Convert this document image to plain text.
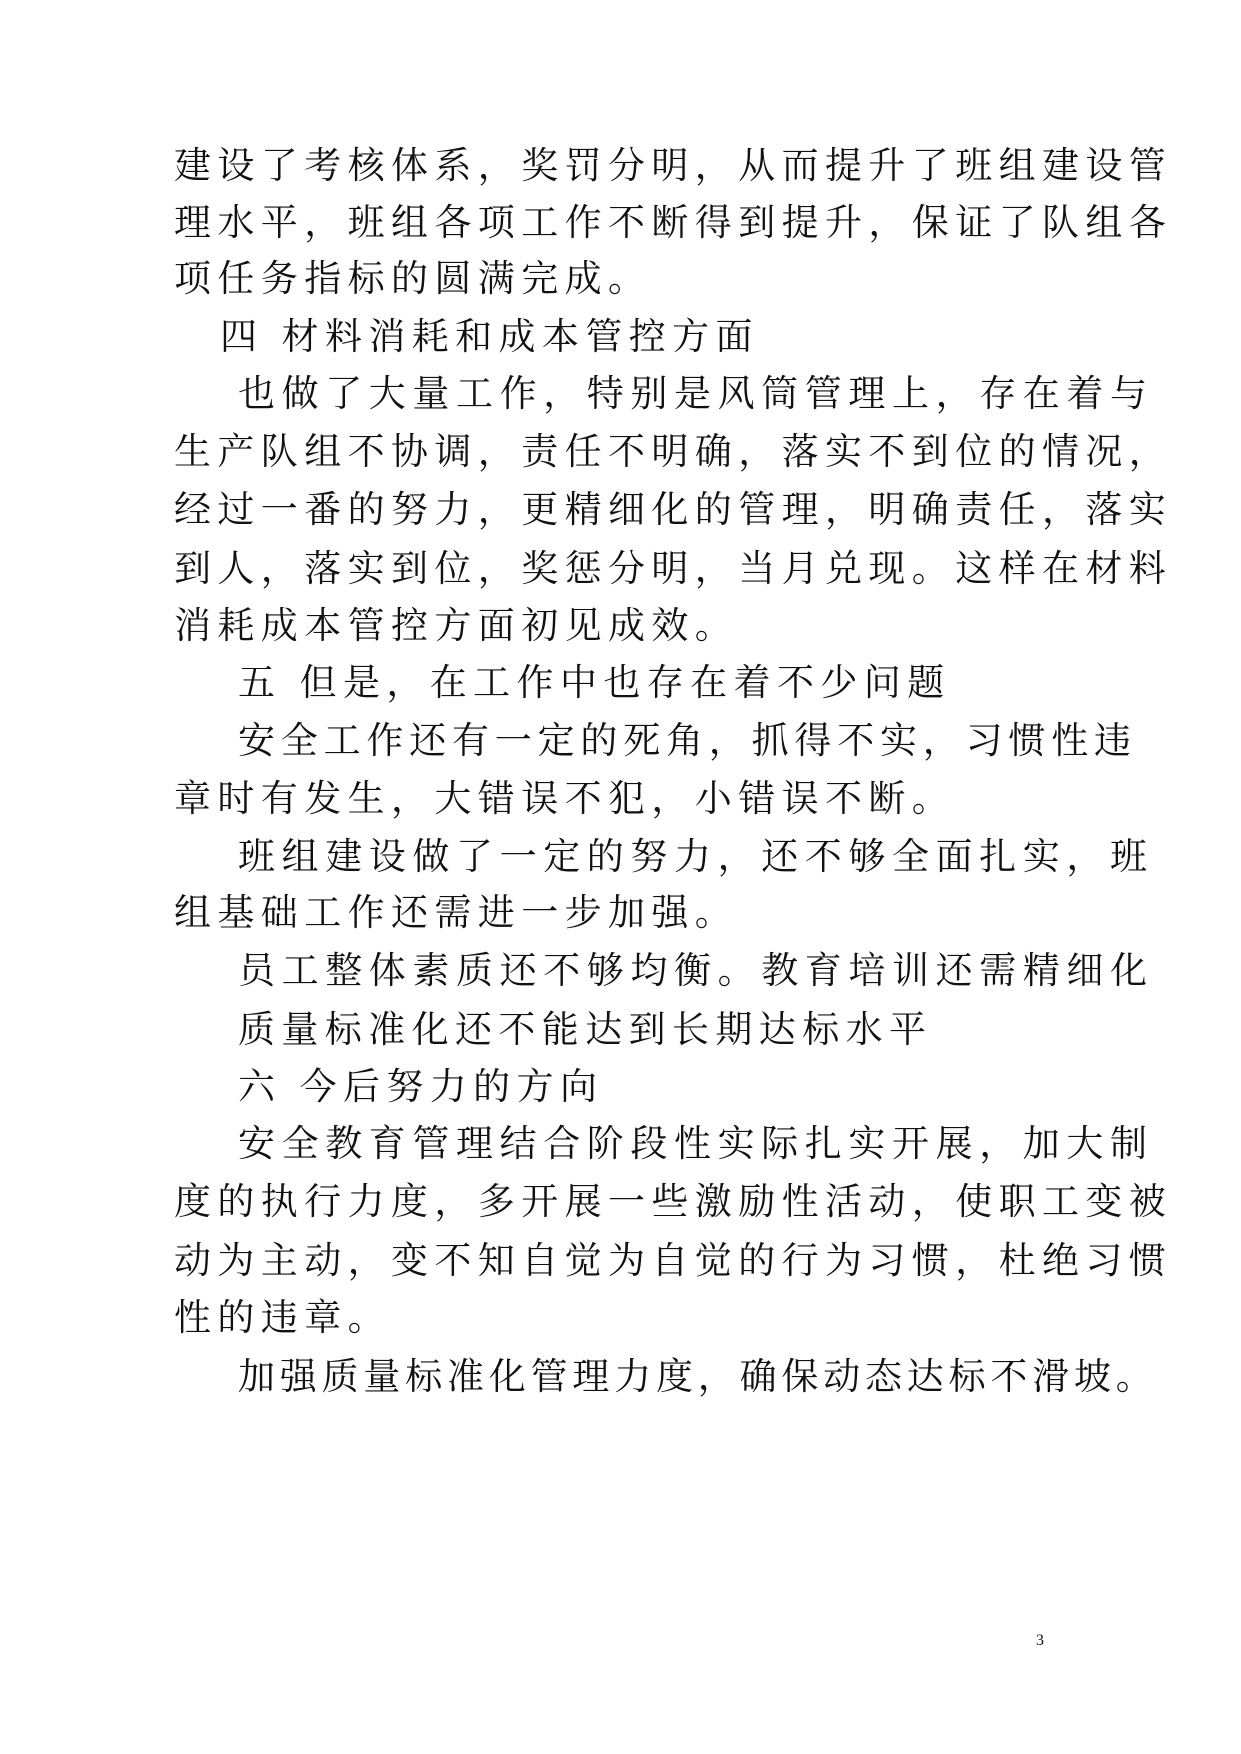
建设了考核体系，奖罚分明，从而提升了班组建设管
理水平，班组各项工作不断得到提升，保证了队组各
项任务指标的圆满完成。
四 材料消耗和成本管控方面
也做了大量工作，特别是风筒管理上，存在着与
生产队组不协调，责任不明确，落实不到位的情况，
经过一番的努力，更精细化的管理，明确责任，落实
到人，落实到位，奖惩分明，当月兑现。这样在材料
消耗成本管控方面初见成效。
五 但是，在工作中也存在着不少问题
安全工作还有一定的死角，抓得不实，习惯性违
章时有发生，大错误不犯，小错误不断。
班组建设做了一定的努力，还不够全面扎实，班
组基础工作还需进一步加强。
员工整体素质还不够均衡。教育培训还需精细化
质量标准化还不能达到长期达标水平
六 今后努力的方向
安全教育管理结合阶段性实际扎实开展，加大制
度的执行力度，多开展一些激励性活动，使职工变被
动为主动，变不知自觉为自觉的行为习惯，杜绝习惯
性的违章。
加强质量标准化管理力度，确保动态达标不滑坡。
3
